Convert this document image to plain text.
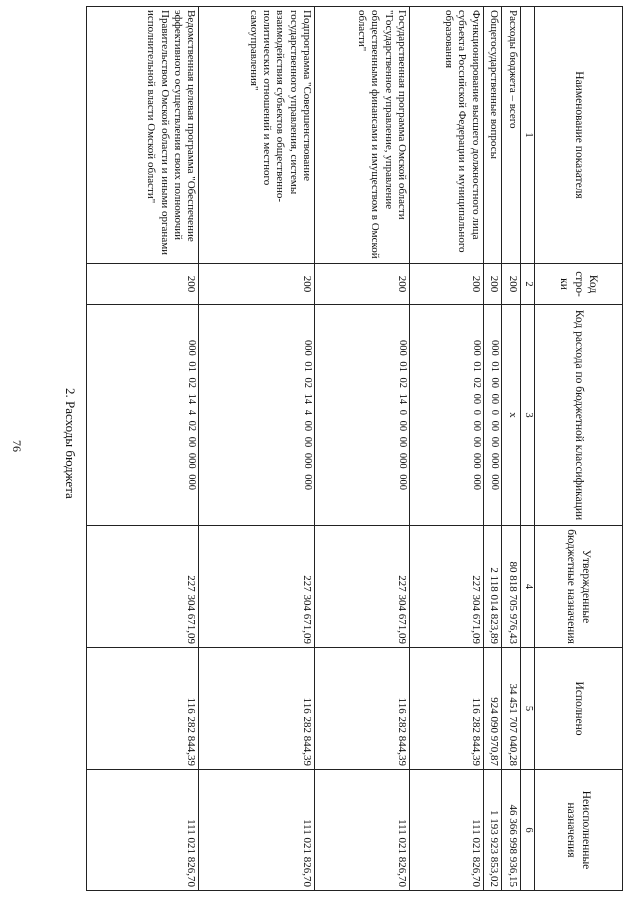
76	2. Расходы бюджета
Наименование показателя	Код стро-ки	Код расхода по бюджетной классификации	Утвержденные бюджетные назначения	Исполнено	Неисполненные назначения
1	2	3	4	5	6
Расходы бюджета – всего	200	x	80 818 705 976,43	34 451 707 040,28	46 366 998 936,15
Общегосударственные вопросы	200	000 01 00 00 0 00 00 000 000	2 118 014 823,89	924 090 970,87	1 193 923 853,02
Функционирование высшего должностного лица субъекта Российской Федерации и муниципального образования	200	000 01 02 00 0 00 00 000 000	227 304 671,09	116 282 844,39	111 021 826,70
Государственная программа Омской области "Государственное управление, управление общественными финансами и имуществом в Омской области"	200	000 01 02 14 0 00 00 000 000	227 304 671,09	116 282 844,39	111 021 826,70
Подпрограмма "Совершенствование государственного управления, системы взаимодействия субъектов общественно-политических отношений и местного самоуправления"	200	000 01 02 14 4 00 00 000 000	227 304 671,09	116 282 844,39	111 021 826,70
Ведомственная целевая программа "Обеспечение эффективного осуществления своих полномочий Правительством Омской области и иными органами исполнительной власти Омской области"	200	000 01 02 14 4 02 00 000 000	227 304 671,09	116 282 844,39	111 021 826,70
